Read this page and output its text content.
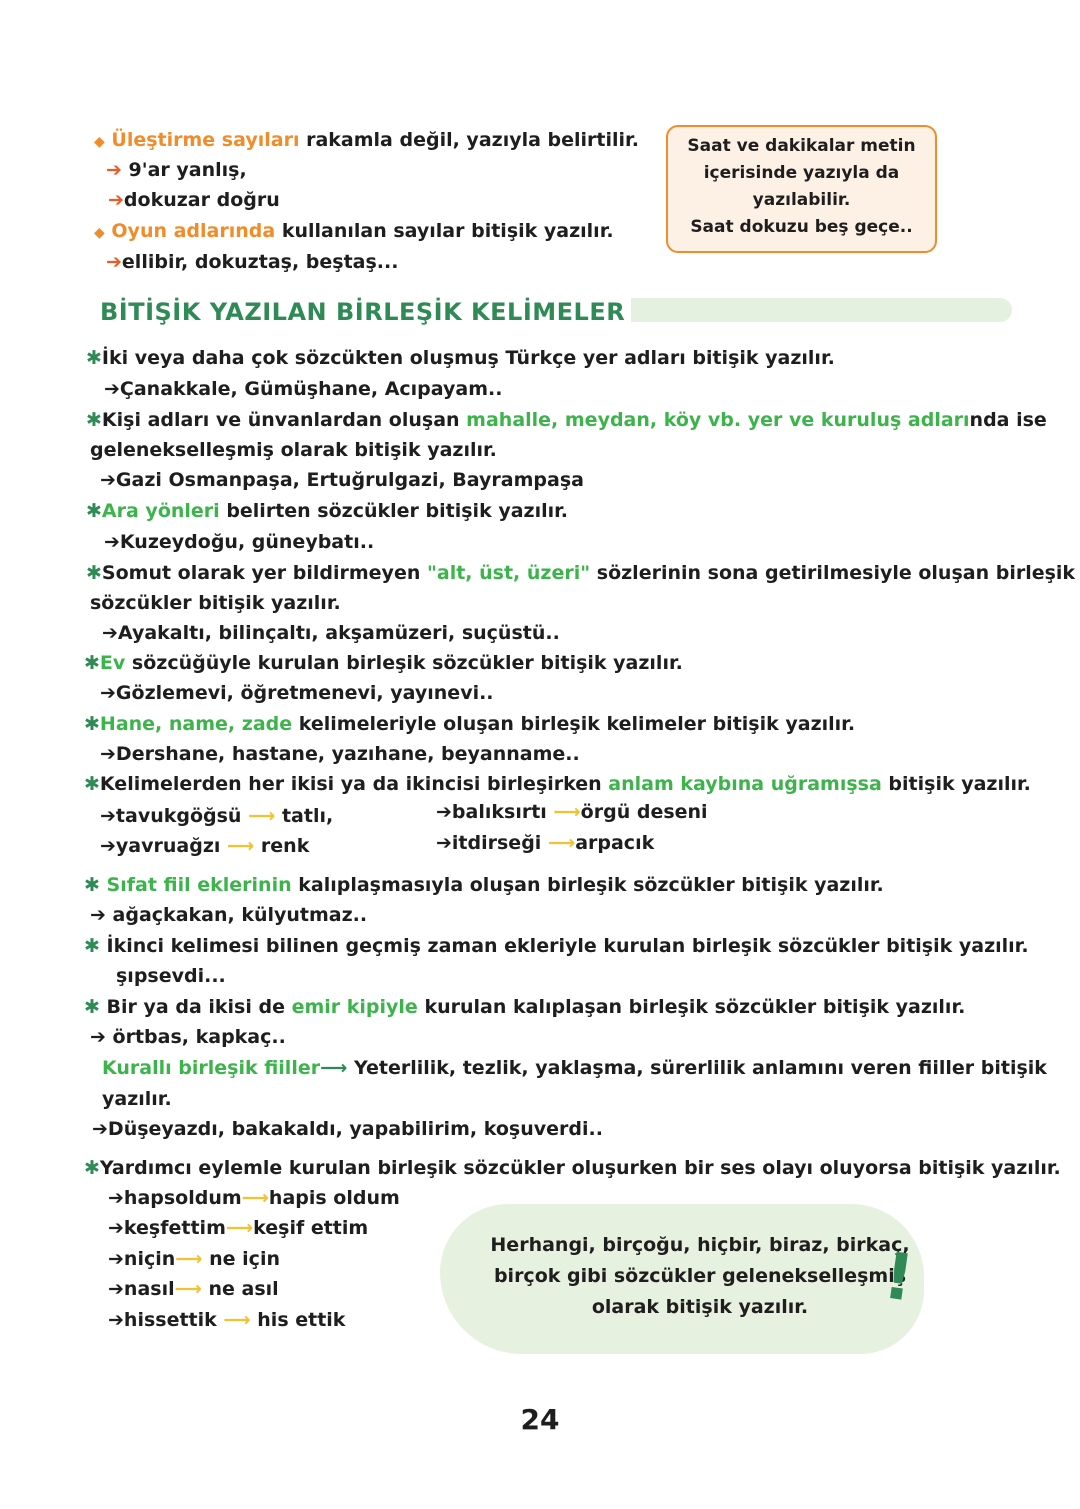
◆ Üleştirme sayıları rakamla değil, yazıyla belirtilir.
➔ 9'ar yanlış,
➔dokuzar doğru
◆ Oyun adlarında kullanılan sayılar bitişik yazılır.
➔ellibir, dokuztaş, beştaş...
Saat ve dakikalar metin
içerisinde yazıyla da
yazılabilir.
Saat dokuzu beş geçe..
BİTİŞİK YAZILAN BİRLEŞİK KELİMELER
✱İki veya daha çok sözcükten oluşmuş Türkçe yer adları bitişik yazılır.
➔Çanakkale, Gümüşhane, Acıpayam..
✱Kişi adları ve ünvanlardan oluşan mahalle, meydan, köy vb. yer ve kuruluş adlarında ise
gelenekselleşmiş olarak bitişik yazılır.
➔Gazi Osmanpaşa, Ertuğrulgazi, Bayrampaşa
✱Ara yönleri belirten sözcükler bitişik yazılır.
➔Kuzeydoğu, güneybatı..
✱Somut olarak yer bildirmeyen "alt, üst, üzeri" sözlerinin sona getirilmesiyle oluşan birleşik
sözcükler bitişik yazılır.
➔Ayakaltı, bilinçaltı, akşamüzeri, suçüstü..
✱Ev sözcüğüyle kurulan birleşik sözcükler bitişik yazılır.
➔Gözlemevi, öğretmenevi, yayınevi..
✱Hane, name, zade kelimeleriyle oluşan birleşik kelimeler bitişik yazılır.
➔Dershane, hastane, yazıhane, beyanname..
✱Kelimelerden her ikisi ya da ikincisi birleşirken anlam kaybına uğramışsa bitişik yazılır.
➔tavukgöğsü ⟶ tatlı,	➔balıksırtı ⟶örgü deseni
➔yavruağzı ⟶ renk	➔itdirseği ⟶arpacık
✱ Sıfat fiil eklerinin kalıplaşmasıyla oluşan birleşik sözcükler bitişik yazılır.
➔ ağaçkakan, külyutmaz..
✱ İkinci kelimesi bilinen geçmiş zaman ekleriyle kurulan birleşik sözcükler bitişik yazılır.
şıpsevdi...
✱ Bir ya da ikisi de emir kipiyle kurulan kalıplaşan birleşik sözcükler bitişik yazılır.
➔ örtbas, kapkaç..
Kurallı birleşik fiiller⟶ Yeterlilik, tezlik, yaklaşma, sürerlilik anlamını veren fiiller bitişik
yazılır.
➔Düşeyazdı, bakakaldı, yapabilirim, koşuverdi..
✱Yardımcı eylemle kurulan birleşik sözcükler oluşurken bir ses olayı oluyorsa bitişik yazılır.
➔hapsoldum⟶hapis oldum
➔keşfettim⟶keşif ettim
➔niçin⟶ ne için
➔nasıl⟶ ne asıl
➔hissettik ⟶ his ettik
Herhangi, birçoğu, hiçbir, biraz, birkaç,
birçok gibi sözcükler gelenekselleşmiş
olarak bitişik yazılır.	!
24
